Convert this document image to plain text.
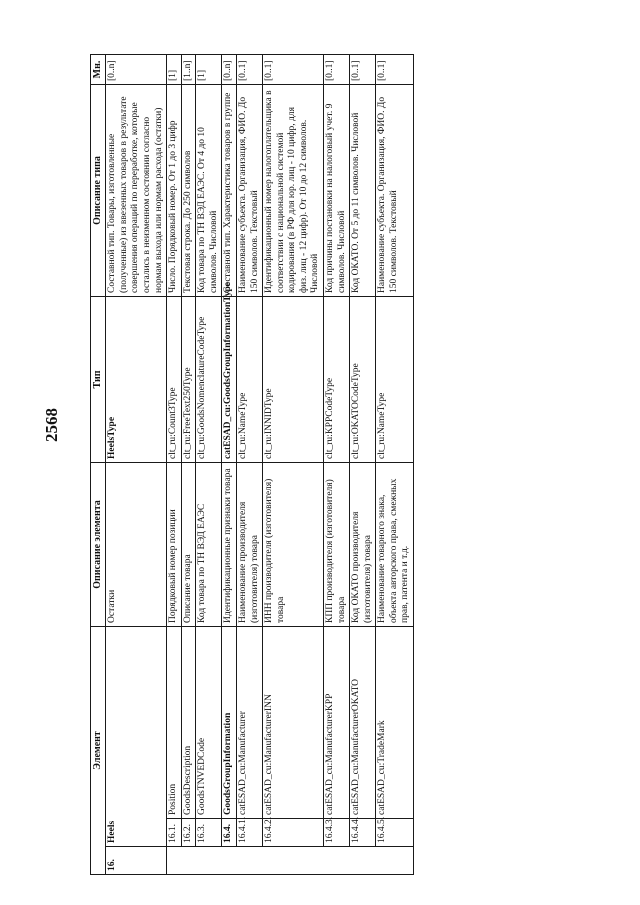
2568
Элемент			Описание элемента	Тип	Описание типа	Мн.
16.	Heels		Остатки	HeelsType	Составной тип. Товары, изготовленные (полученные) из ввезенных товаров в результате совершения операций по переработке, которые остались в неизменном состоянии согласно нормам выхода или нормам расхода (остатки)	[0..n]
	16.1.	Position	Порядковый номер позиции	clt_ru:Count3Type	Число. Порядковый номер. От 1 до 3 цифр	[1]
	16.2.	GoodsDescription	Описание товара	clt_ru:FreeText250Type	Текстовая строка. До 250 символов	[1..n]
	16.3.	GoodsTNVEDCode	Код товара по ТН ВЭД ЕАЭС	clt_ru:GoodsNomenclatureCodeType	Код товара по ТН ВЭД ЕАЭС. От 4 до 10 символов. Числовой	[1]
	16.4.	GoodsGroupInformation	Идентификационные признаки товара	catESAD_cu:GoodsGroupInformationType	Составной тип. Характеристика товаров в группе	[0..n]
	16.4.1.	catESAD_cu:Manufacturer	Наименование производителя (изготовителя) товара	clt_ru:NameType	Наименование субъекта. Организация, ФИО. До 150 символов. Текстовый	[0..1]
	16.4.2.	catESAD_cu:ManufacturerINN	ИНН производителя (изготовителя) товара	clt_ru:INNIDType	Идентификационный номер налогоплательщика в соответствии с национальной системой кодирования (в РФ для юр. лиц - 10 цифр, для физ. лиц - 12 цифр). От 10 до 12 символов. Числовой	[0..1]
	16.4.3.	catESAD_cu:ManufacturerKPP	КПП производителя (изготовителя) товара	clt_ru:KPPCodeType	Код причины постановки на налоговый учет. 9 символов. Числовой	[0..1]
	16.4.4.	catESAD_cu:ManufacturerOKATO	Код ОКАТО производителя (изготовителя) товара	clt_ru:OKATOCodeType	Код ОКАТО. От 5 до 11 символов. Числовой	[0..1]
	16.4.5.	catESAD_cu:TradeMark	Наименование товарного знака, объекта авторского права, смежных прав, патента и т.д.	clt_ru:NameType	Наименование субъекта. Организация, ФИО. До 150 символов. Текстовый	[0..1]
